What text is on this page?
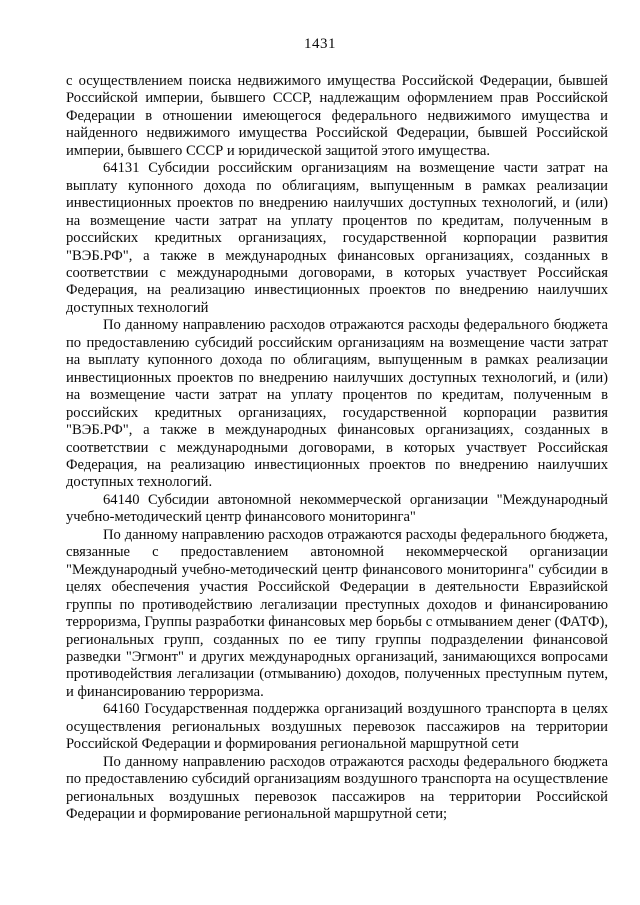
1431

с осуществлением поиска недвижимого имущества Российской Федерации, бывшей Российской империи, бывшего СССР, надлежащим оформлением прав Российской Федерации в отношении имеющегося федерального недвижимого имущества и найденного недвижимого имущества Российской Федерации, бывшей Российской империи, бывшего СССР и юридической защитой этого имущества.

64131 Субсидии российским организациям на возмещение части затрат на выплату купонного дохода по облигациям, выпущенным в рамках реализации инвестиционных проектов по внедрению наилучших доступных технологий, и (или) на возмещение части затрат на уплату процентов по кредитам, полученным в российских кредитных организациях, государственной корпорации развития "ВЭБ.РФ", а также в международных финансовых организациях, созданных в соответствии с международными договорами, в которых участвует Российская Федерация, на реализацию инвестиционных проектов по внедрению наилучших доступных технологий

По данному направлению расходов отражаются расходы федерального бюджета по предоставлению субсидий российским организациям на возмещение части затрат на выплату купонного дохода по облигациям, выпущенным в рамках реализации инвестиционных проектов по внедрению наилучших доступных технологий, и (или) на возмещение части затрат на уплату процентов по кредитам, полученным в российских кредитных организациях, государственной корпорации развития "ВЭБ.РФ", а также в международных финансовых организациях, созданных в соответствии с международными договорами, в которых участвует Российская Федерация, на реализацию инвестиционных проектов по внедрению наилучших доступных технологий.

64140 Субсидии автономной некоммерческой организации "Международный учебно-методический центр финансового мониторинга"

По данному направлению расходов отражаются расходы федерального бюджета, связанные с предоставлением автономной некоммерческой организации "Международный учебно-методический центр финансового мониторинга" субсидии в целях обеспечения участия Российской Федерации в деятельности Евразийской группы по противодействию легализации преступных доходов и финансированию терроризма, Группы разработки финансовых мер борьбы с отмыванием денег (ФАТФ), региональных групп, созданных по ее типу группы подразделении финансовой разведки "Эгмонт" и других международных организаций, занимающихся вопросами противодействия легализации (отмыванию) доходов, полученных преступным путем, и финансированию терроризма.

64160 Государственная поддержка организаций воздушного транспорта в целях осуществления региональных воздушных перевозок пассажиров на территории Российской Федерации и формирования региональной маршрутной сети

По данному направлению расходов отражаются расходы федерального бюджета по предоставлению субсидий организациям воздушного транспорта на осуществление региональных воздушных перевозок пассажиров на территории Российской Федерации и формирование региональной маршрутной сети;
